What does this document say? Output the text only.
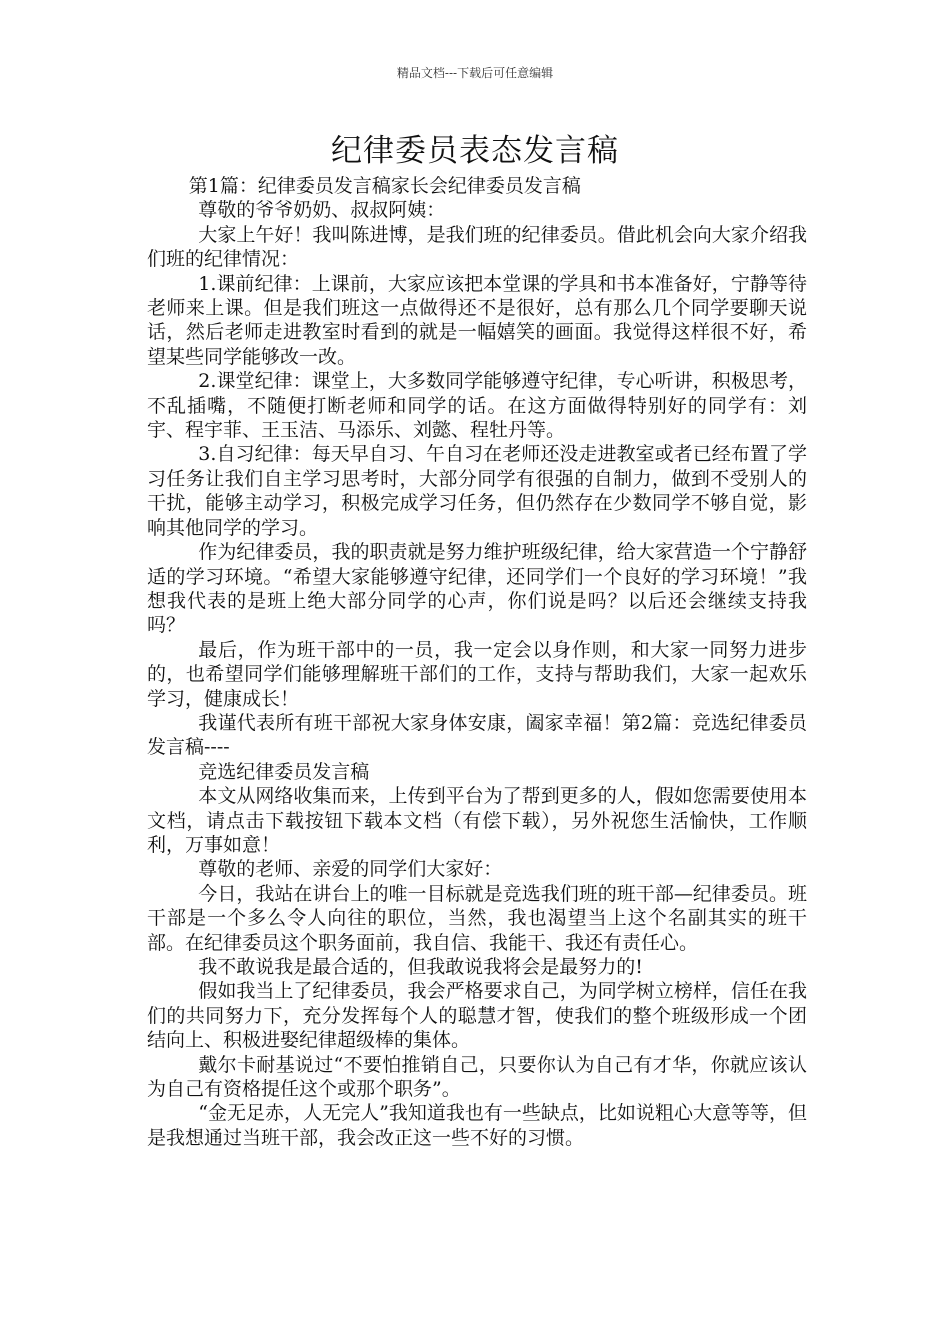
精品文档---下载后可任意编辑
纪律委员表态发言稿

第1篇：纪律委员发言稿家长会纪律委员发言稿

尊敬的爷爷奶奶、叔叔阿姨：

大家上午好！我叫陈进博，是我们班的纪律委员。借此机会向大家介绍我们班的纪律情况：

1.课前纪律：上课前，大家应该把本堂课的学具和书本准备好，宁静等待老师来上课。但是我们班这一点做得还不是很好，总有那么几个同学要聊天说话，然后老师走进教室时看到的就是一幅嬉笑的画面。我觉得这样很不好，希望某些同学能够改一改。

2.课堂纪律：课堂上，大多数同学能够遵守纪律，专心听讲，积极思考，不乱插嘴，不随便打断老师和同学的话。在这方面做得特别好的同学有：刘宇、程宇菲、王玉洁、马添乐、刘懿、程牡丹等。

3.自习纪律：每天早自习、午自习在老师还没走进教室或者已经布置了学习任务让我们自主学习思考时，大部分同学有很强的自制力，做到不受别人的干扰，能够主动学习，积极完成学习任务，但仍然存在少数同学不够自觉，影响其他同学的学习。

作为纪律委员，我的职责就是努力维护班级纪律，给大家营造一个宁静舒适的学习环境。“希望大家能够遵守纪律，还同学们一个良好的学习环境！”我想我代表的是班上绝大部分同学的心声，你们说是吗？以后还会继续支持我吗？

最后，作为班干部中的一员，我一定会以身作则，和大家一同努力进步的，也希望同学们能够理解班干部们的工作，支持与帮助我们，大家一起欢乐学习，健康成长！

我谨代表所有班干部祝大家身体安康，阖家幸福！第2篇：竞选纪律委员发言稿----

竞选纪律委员发言稿

本文从网络收集而来，上传到平台为了帮到更多的人，假如您需要使用本文档，请点击下载按钮下载本文档（有偿下载），另外祝您生活愉快，工作顺利，万事如意！

尊敬的老师、亲爱的同学们大家好：

今日，我站在讲台上的唯一目标就是竞选我们班的班干部—纪律委员。班干部是一个多么令人向往的职位，当然，我也渴望当上这个名副其实的班干部。在纪律委员这个职务面前，我自信、我能干、我还有责任心。

我不敢说我是最合适的，但我敢说我将会是最努力的!

假如我当上了纪律委员，我会严格要求自己，为同学树立榜样，信任在我们的共同努力下，充分发挥每个人的聪慧才智，使我们的整个班级形成一个团结向上、积极进娶纪律超级棒的集体。

戴尔卡耐基说过“不要怕推销自己，只要你认为自己有才华，你就应该认为自己有资格提任这个或那个职务”。

“金无足赤，人无完人”我知道我也有一些缺点，比如说粗心大意等等，但是我想通过当班干部，我会改正这一些不好的习惯。
